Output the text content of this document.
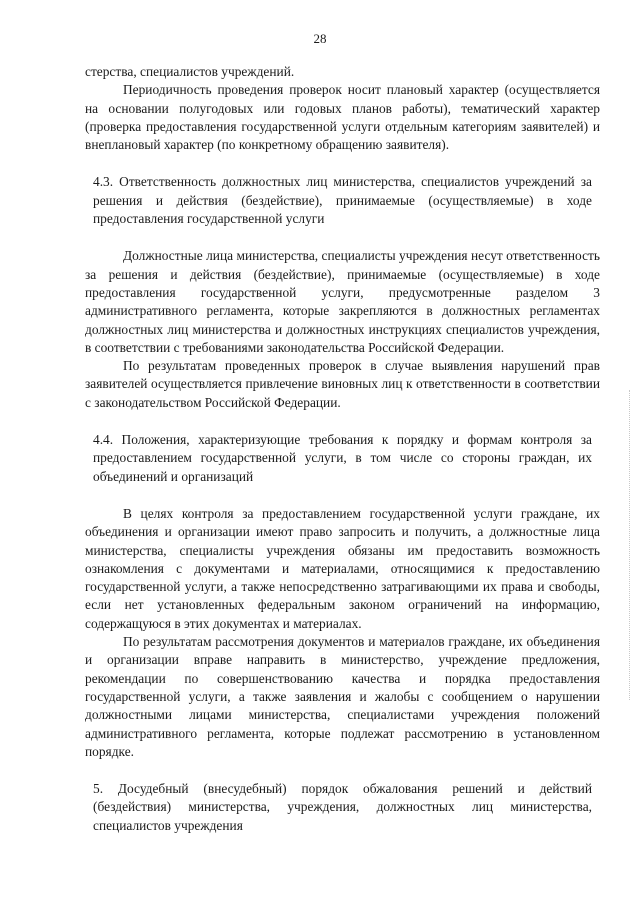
28

стерства, специалистов учреждений.

Периодичность проведения проверок носит плановый характер (осуществляется на основании полугодовых или годовых планов работы), тематический характер (проверка предоставления государственной услуги отдельным категориям заявителей) и внеплановый характер (по конкретному обращению заявителя).

4.3. Ответственность должностных лиц министерства, специалистов учреждений за решения и действия (бездействие), принимаемые (осуществляемые) в ходе предоставления государственной услуги

Должностные лица министерства, специалисты учреждения несут ответственность за решения и действия (бездействие), принимаемые (осуществляемые) в ходе предоставления государственной услуги, предусмотренные разделом 3 административного регламента, которые закрепляются в должностных регламентах должностных лиц министерства и должностных инструкциях специалистов учреждения, в соответствии с требованиями законодательства Российской Федерации.

По результатам проведенных проверок в случае выявления нарушений прав заявителей осуществляется привлечение виновных лиц к ответственности в соответствии с законодательством Российской Федерации.

4.4. Положения, характеризующие требования к порядку и формам контроля за предоставлением государственной услуги, в том числе со стороны граждан, их объединений и организаций

В целях контроля за предоставлением государственной услуги граждане, их объединения и организации имеют право запросить и получить, а должностные лица министерства, специалисты учреждения обязаны им предоставить возможность ознакомления с документами и материалами, относящимися к предоставлению государственной услуги, а также непосредственно затрагивающими их права и свободы, если нет установленных федеральным законом ограничений на информацию, содержащуюся в этих документах и материалах.

По результатам рассмотрения документов и материалов граждане, их объединения и организации вправе направить в министерство, учреждение предложения, рекомендации по совершенствованию качества и порядка предоставления государственной услуги, а также заявления и жалобы с сообщением о нарушении должностными лицами министерства, специалистами учреждения положений административного регламента, которые подлежат рассмотрению в установленном порядке.

5. Досудебный (внесудебный) порядок обжалования решений и действий (бездействия) министерства, учреждения, должностных лиц министерства, специалистов учреждения
